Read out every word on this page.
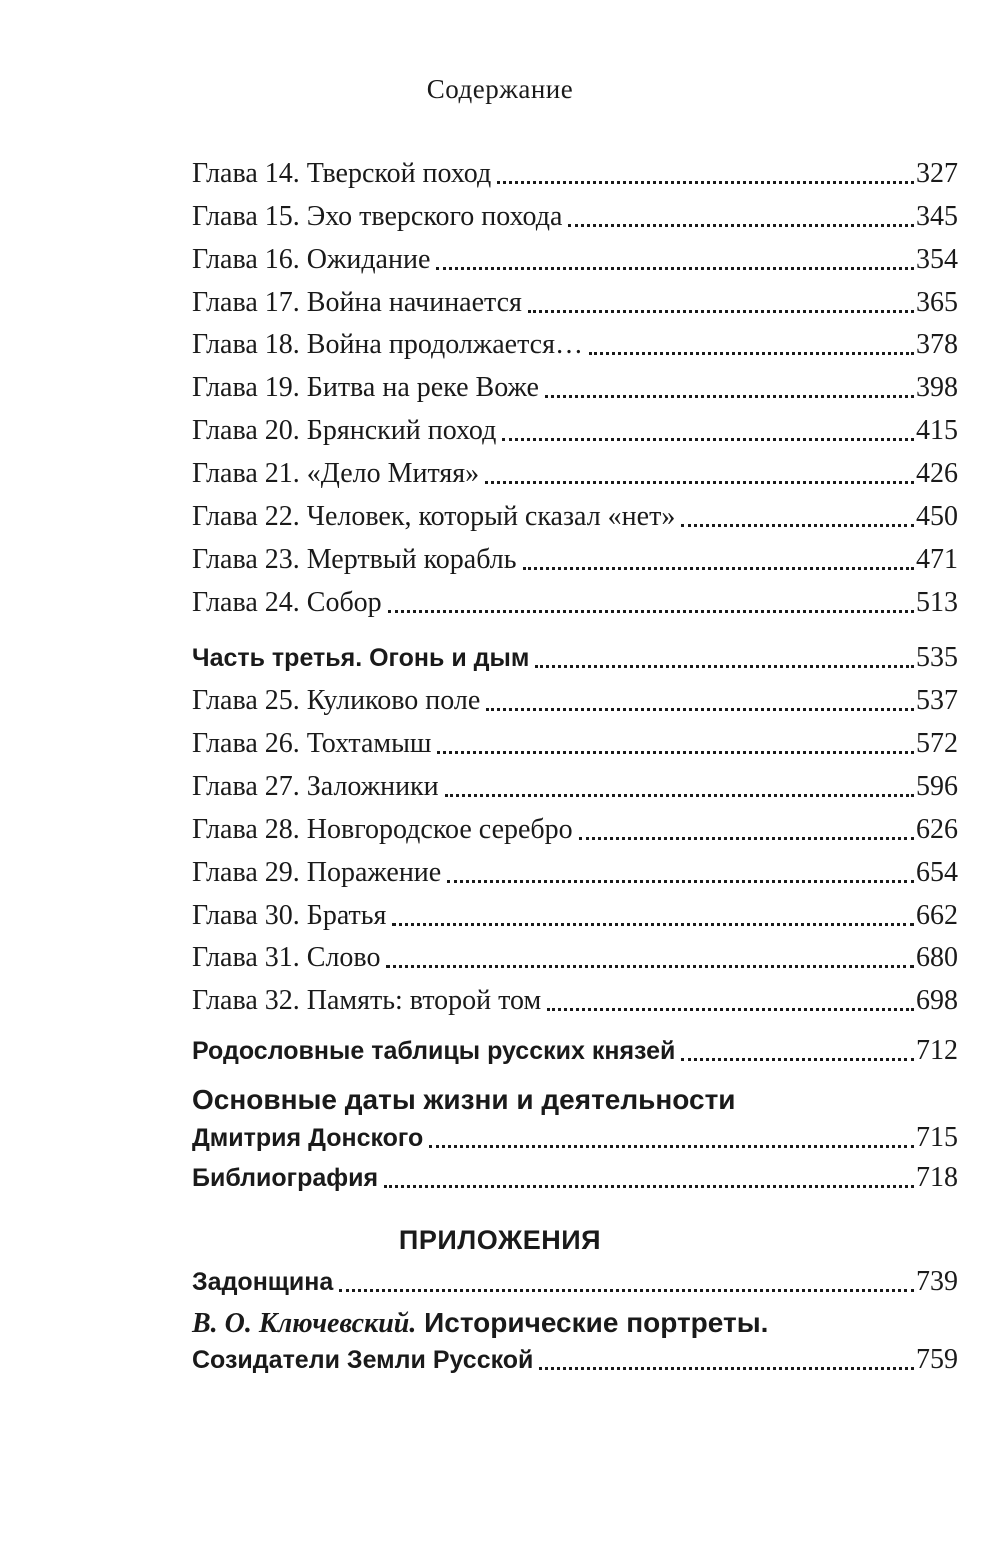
Содержание
Глава 14. Тверской поход	327
Глава 15. Эхо тверского похода	345
Глава 16. Ожидание	354
Глава 17. Война начинается	365
Глава 18. Война продолжается…	378
Глава 19. Битва на реке Воже	398
Глава 20. Брянский поход	415
Глава 21. «Дело Митяя»	426
Глава 22. Человек, который сказал «нет»	450
Глава 23. Мертвый корабль	471
Глава 24. Собор	513
Часть третья. Огонь и дым	535
Глава 25. Куликово поле	537
Глава 26. Тохтамыш	572
Глава 27. Заложники	596
Глава 28. Новгородское серебро	626
Глава 29. Поражение	654
Глава 30. Братья	662
Глава 31. Слово	680
Глава 32. Память: второй том	698
Родословные таблицы русских князей	712
Основные даты жизни и деятельности
Дмитрия Донского	715
Библиография	718
Задонщина	739
В. О. Ключевский. Исторические портреты.
Созидатели Земли Русской	759
ПРИЛОЖЕНИЯ
